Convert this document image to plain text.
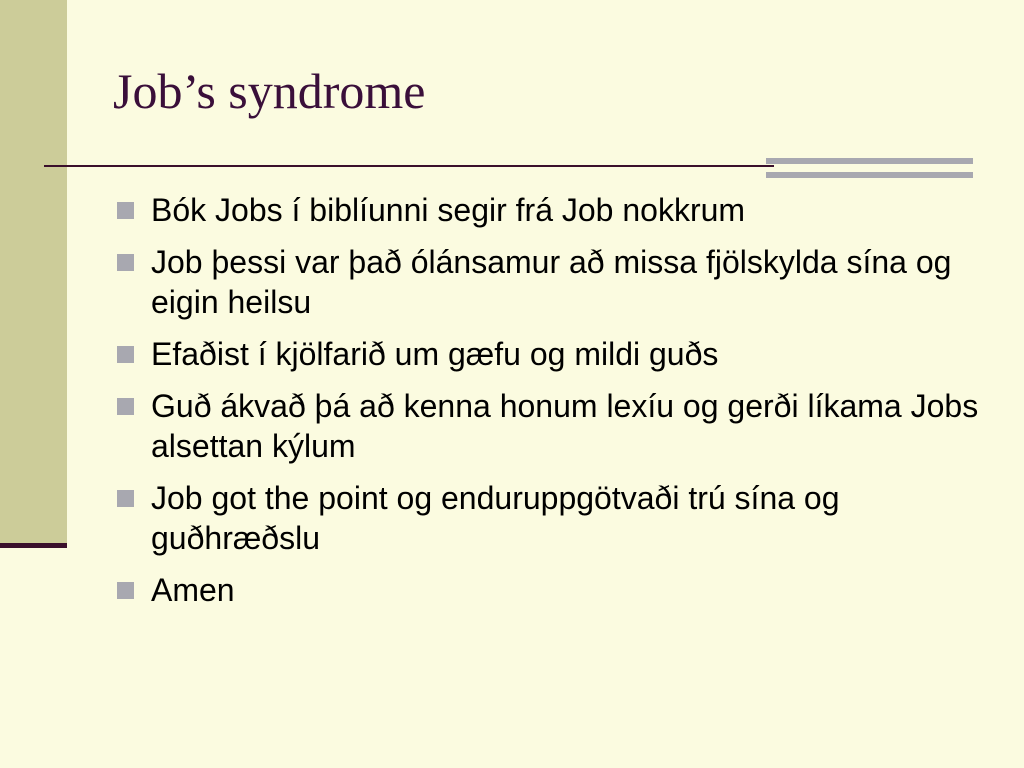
Job’s syndrome
Bók Jobs í biblíunni segir frá Job nokkrum
Job þessi var það ólánsamur að missa fjölskylda sína og eigin heilsu
Efaðist í kjölfarið um gæfu og mildi guðs
Guð ákvað þá að kenna honum lexíu og gerði líkama Jobs alsettan kýlum
Job got the point og enduruppgötvaði trú sína og guðhræðslu
Amen
